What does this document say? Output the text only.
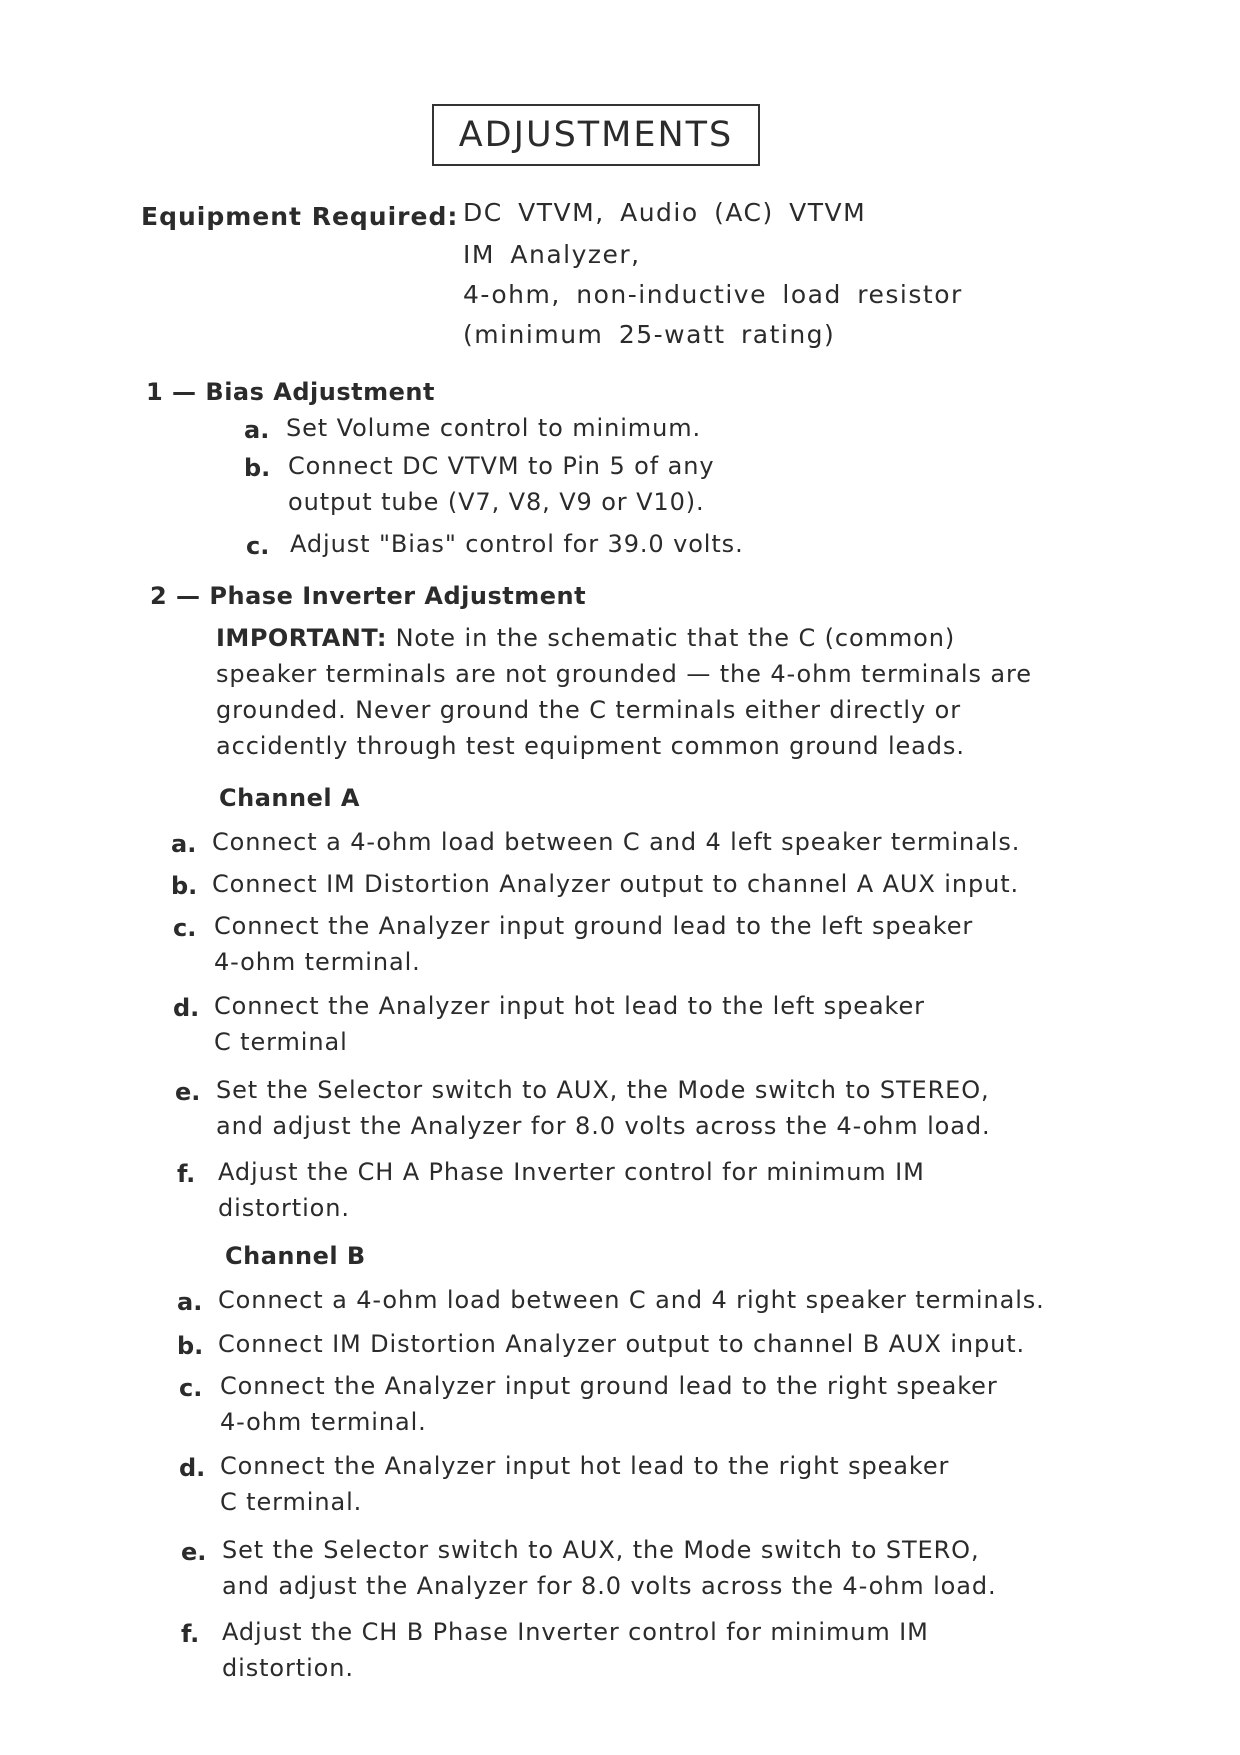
ADJUSTMENTS
Equipment Required: DC VTVM, Audio (AC) VTVM
IM Analyzer,
4-ohm, non-inductive load resistor
(minimum 25-watt rating)
1 — Bias Adjustment
a. Set Volume control to minimum.
b. Connect DC VTVM to Pin 5 of any
output tube (V7, V8, V9 or V10).
c. Adjust "Bias" control for 39.0 volts.
2 — Phase Inverter Adjustment
IMPORTANT: Note in the schematic that the C (common)
speaker terminals are not grounded — the 4-ohm terminals are
grounded. Never ground the C terminals either directly or
accidently through test equipment common ground leads.
Channel A
a. Connect a 4-ohm load between C and 4 left speaker terminals.
b. Connect IM Distortion Analyzer output to channel A AUX input.
c. Connect the Analyzer input ground lead to the left speaker
4-ohm terminal.
d. Connect the Analyzer input hot lead to the left speaker
C terminal
e. Set the Selector switch to AUX, the Mode switch to STEREO,
and adjust the Analyzer for 8.0 volts across the 4-ohm load.
f. Adjust the CH A Phase Inverter control for minimum IM
distortion.
Channel B
a. Connect a 4-ohm load between C and 4 right speaker terminals.
b. Connect IM Distortion Analyzer output to channel B AUX input.
c. Connect the Analyzer input ground lead to the right speaker
4-ohm terminal.
d. Connect the Analyzer input hot lead to the right speaker
C terminal.
e. Set the Selector switch to AUX, the Mode switch to STERO,
and adjust the Analyzer for 8.0 volts across the 4-ohm load.
f. Adjust the CH B Phase Inverter control for minimum IM
distortion.
